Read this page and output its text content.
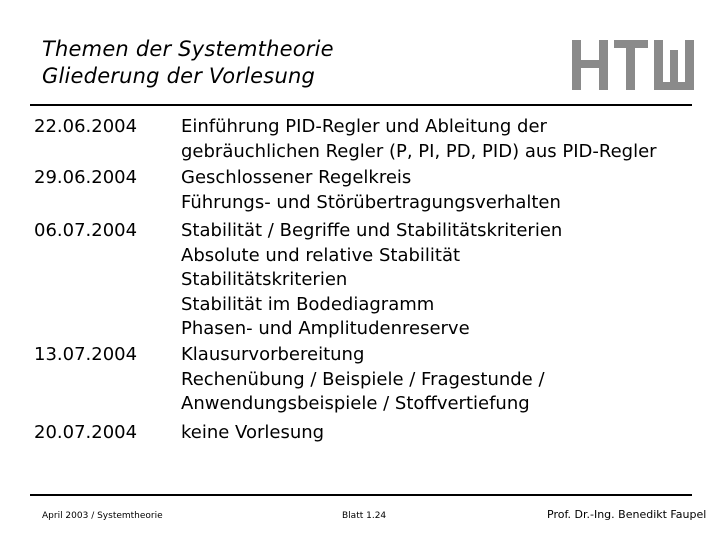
Themen der Systemtheorie
Gliederung der Vorlesung
22.06.2004 Einführung PID-Regler und Ableitung der
gebräuchlichen Regler (P, PI, PD, PID) aus PID-Regler
29.06.2004 Geschlossener Regelkreis
Führungs- und Störübertragungsverhalten
06.07.2004 Stabilität / Begriffe und Stabilitätskriterien
Absolute und relative Stabilität
Stabilitätskriterien
Stabilität im Bodediagramm
Phasen- und Amplitudenreserve
13.07.2004 Klausurvorbereitung
Rechenübung / Beispiele / Fragestunde /
Anwendungsbeispiele / Stoffvertiefung
20.07.2004 keine Vorlesung
April 2003 / Systemtheorie	Blatt 1.24	Prof. Dr.-Ing. Benedikt Faupel
